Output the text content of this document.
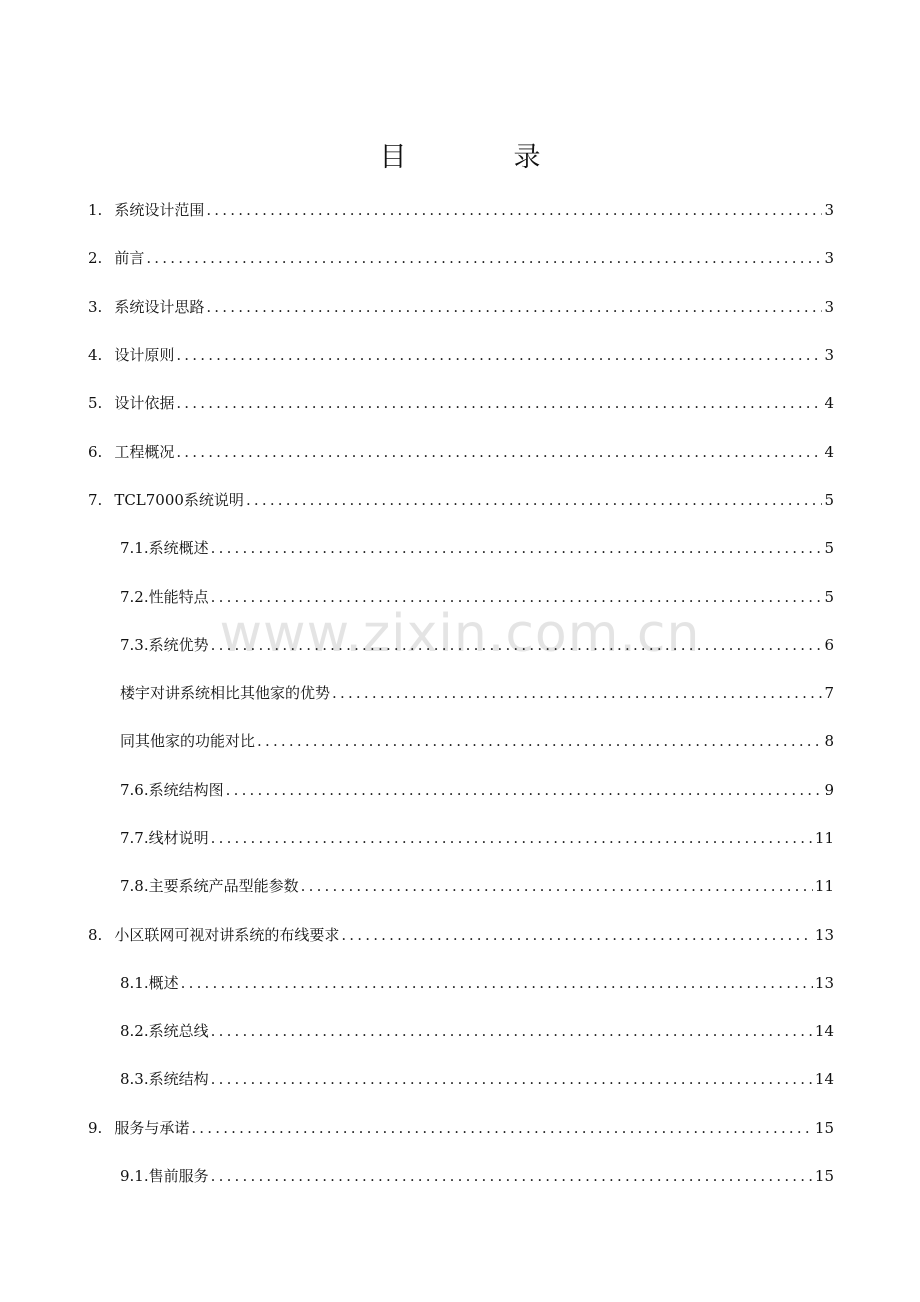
目　录
www.zixin.com.cn
1. 系统设计范围 .....	3
2. 前言 .....	3
3. 系统设计思路 .....	3
4. 设计原则 .....	3
5. 设计依据 .....	4
6. 工程概况 .....	4
7. TCL7000系统说明 .....	5
7.1. 系统概述 .....	5
7.2. 性能特点 .....	5
7.3. 系统优势 .....	6
楼宇对讲系统相比其他家的优势 .....	7
同其他家的功能对比 .....	8
7.6. 系统结构图 .....	9
7.7. 线材说明 .....	11
7.8. 主要系统产品型能参数 .....	11
8. 小区联网可视对讲系统的布线要求 .....	13
8.1. 概述 .....	13
8.2. 系统总线 .....	14
8.3. 系统结构 .....	14
9. 服务与承诺 .....	15
9.1. 售前服务 .....	15
